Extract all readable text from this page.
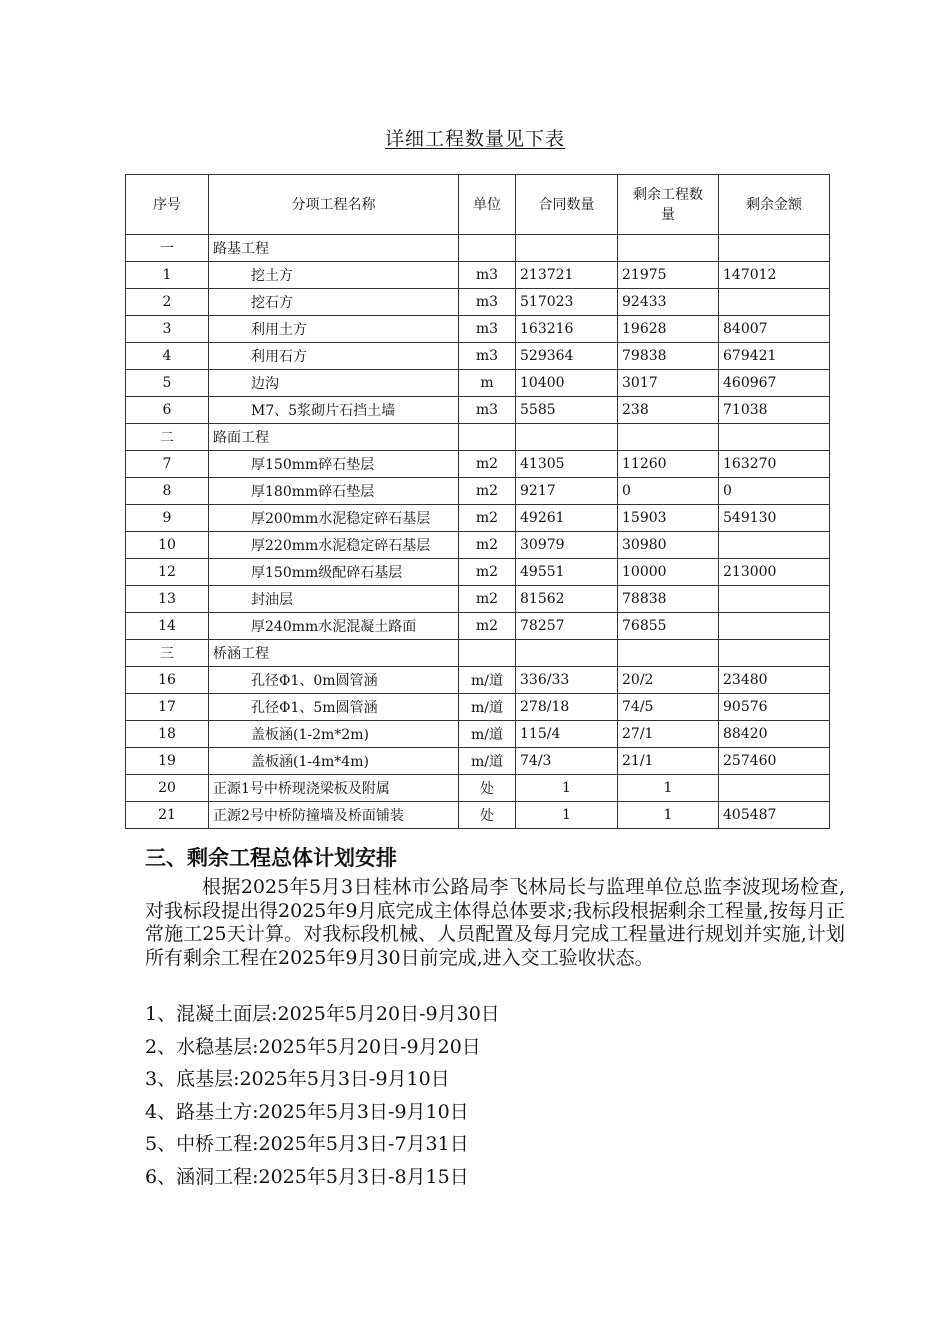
详细工程数量见下表
序号	分项工程名称	单位	合同数量	剩余工程数量	剩余金额
一	路基工程				
1	挖土方	m3	213721	21975	147012
2	挖石方	m3	517023	92433	
3	利用土方	m3	163216	19628	84007
4	利用石方	m3	529364	79838	679421
5	边沟	m	10400	3017	460967
6	M7、5浆砌片石挡土墙	m3	5585	238	71038
二	路面工程				
7	厚150mm碎石垫层	m2	41305	11260	163270
8	厚180mm碎石垫层	m2	9217	0	0
9	厚200mm水泥稳定碎石基层	m2	49261	15903	549130
10	厚220mm水泥稳定碎石基层	m2	30979	30980	
12	厚150mm级配碎石基层	m2	49551	10000	213000
13	封油层	m2	81562	78838	
14	厚240mm水泥混凝土路面	m2	78257	76855	
三	桥涵工程				
16	孔径Φ1、0m圆管涵	m/道	336/33	20/2	23480
17	孔径Φ1、5m圆管涵	m/道	278/18	74/5	90576
18	盖板涵(1-2m*2m)	m/道	115/4	27/1	88420
19	盖板涵(1-4m*4m)	m/道	74/3	21/1	257460
20	正源1号中桥现浇梁板及附属	处	1	1	
21	正源2号中桥防撞墙及桥面铺装	处	1	1	405487
三、剩余工程总体计划安排
根据2025年5月3日桂林市公路局李飞林局长与监理单位总监李波现场检查,对我标段提出得2025年9月底完成主体得总体要求;我标段根据剩余工程量,按每月正常施工25天计算。对我标段机械、人员配置及每月完成工程量进行规划并实施,计划所有剩余工程在2025年9月30日前完成,进入交工验收状态。
1、混凝土面层:2025年5月20日-9月30日
2、水稳基层:2025年5月20日-9月20日
3、底基层:2025年5月3日-9月10日
4、路基土方:2025年5月3日-9月10日
5、中桥工程:2025年5月3日-7月31日
6、涵洞工程:2025年5月3日-8月15日
